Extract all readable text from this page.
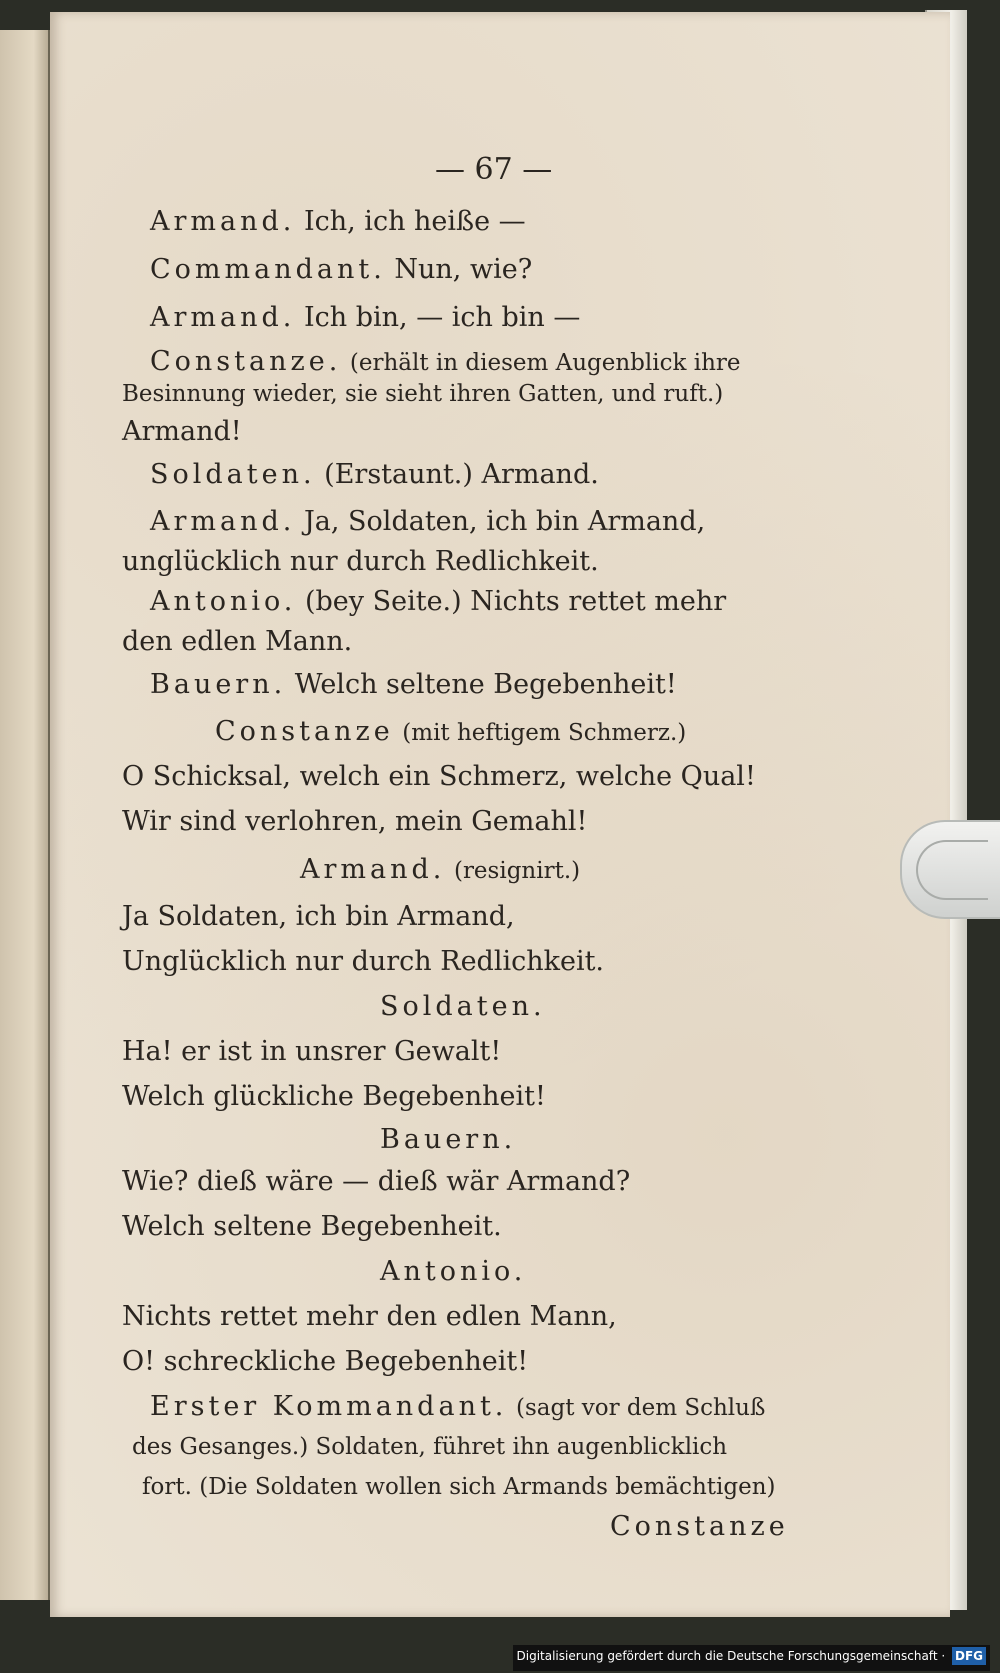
— 67 —
Armand. Ich, ich heiße —
Commandant. Nun, wie?
Armand. Ich bin, — ich bin —
Constanze. (erhält in diesem Augenblick ihre
Besinnung wieder, sie sieht ihren Gatten, und ruft.)
Armand!
Soldaten. (Erstaunt.) Armand.
Armand. Ja, Soldaten, ich bin Armand,
unglücklich nur durch Redlichkeit.
Antonio. (bey Seite.) Nichts rettet mehr
den edlen Mann.
Bauern. Welch seltene Begebenheit!
Constanze (mit heftigem Schmerz.)
O Schicksal, welch ein Schmerz, welche Qual!
Wir sind verlohren, mein Gemahl!
Armand. (resignirt.)
Ja Soldaten, ich bin Armand,
Unglücklich nur durch Redlichkeit.
Soldaten.
Ha! er ist in unsrer Gewalt!
Welch glückliche Begebenheit!
Bauern.
Wie? dieß wäre — dieß wär Armand?
Welch seltene Begebenheit.
Antonio.
Nichts rettet mehr den edlen Mann,
O! schreckliche Begebenheit!
Erster Kommandant. (sagt vor dem Schluß
des Gesanges.) Soldaten, führet ihn augenblicklich
fort. (Die Soldaten wollen sich Armands bemächtigen)
Constanze
Digitalisierung gefördert durch die Deutsche Forschungsgemeinschaft · DFG
